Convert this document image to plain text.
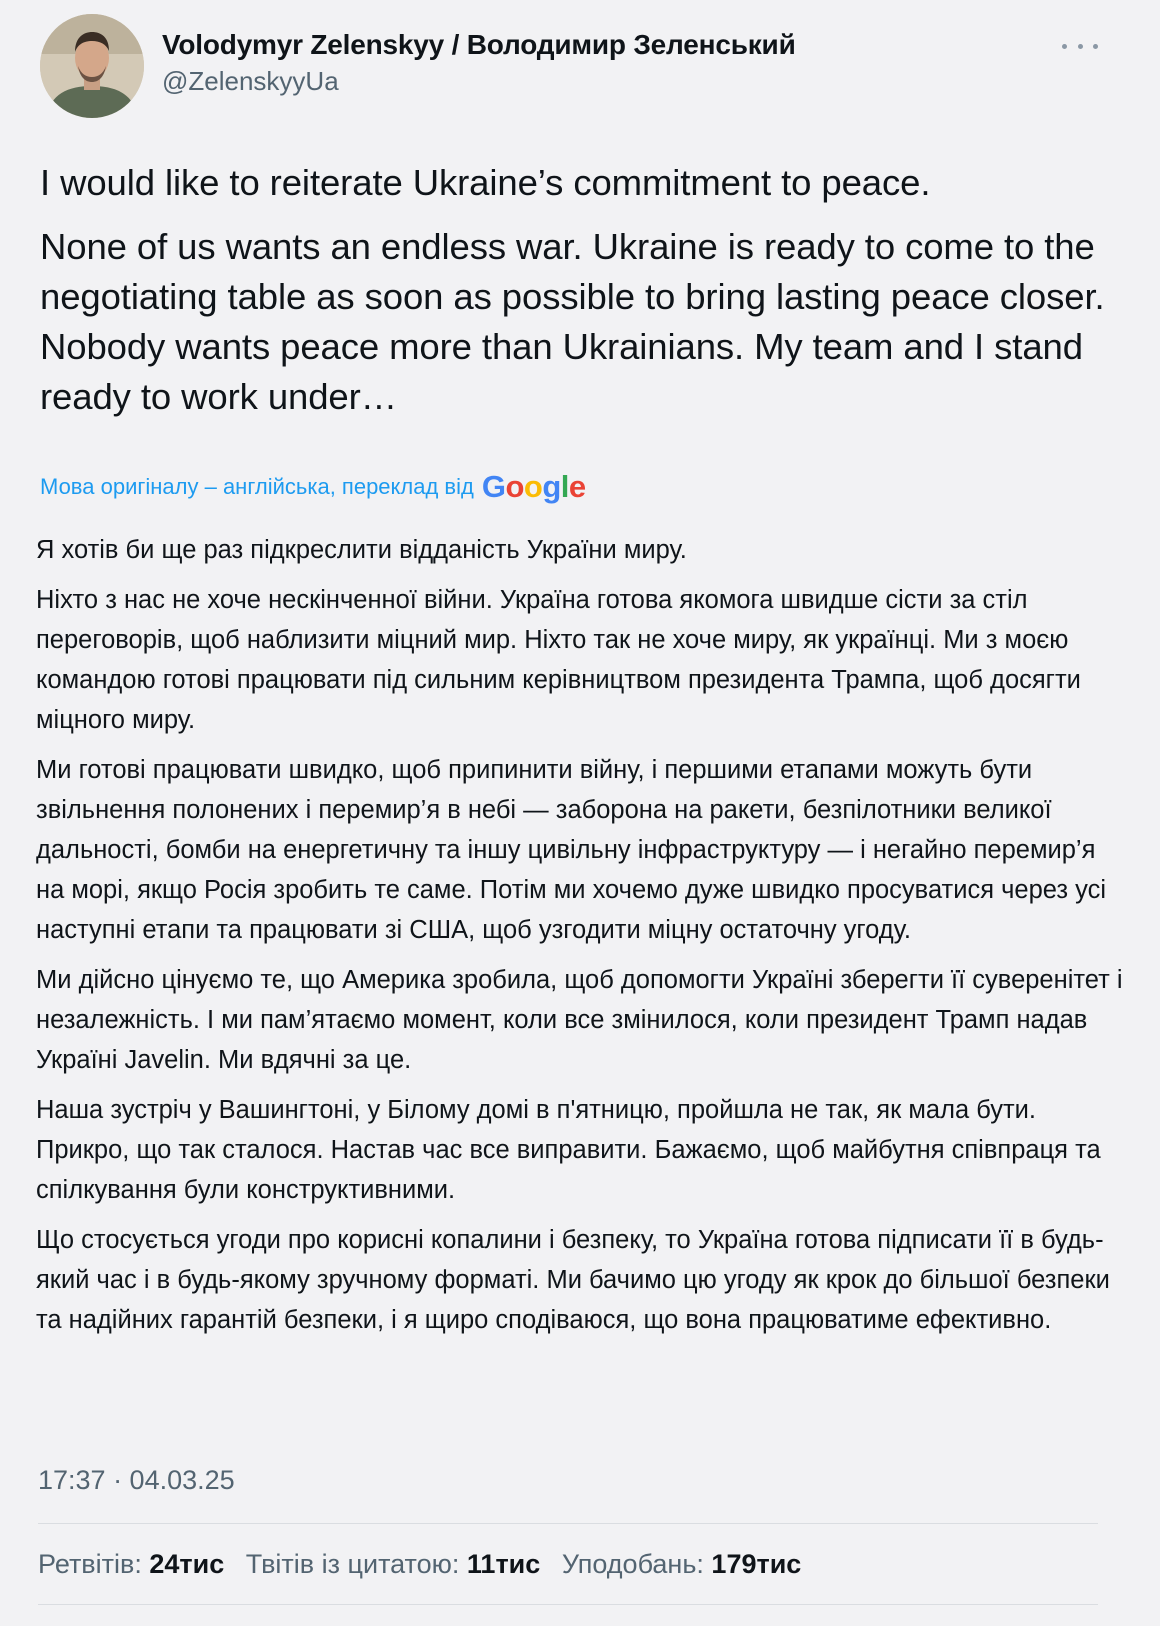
Volodymyr Zelenskyy / Володимир Зеленський
@ZelenskyyUa

I would like to reiterate Ukraine’s commitment to peace.

None of us wants an endless war. Ukraine is ready to come to the negotiating table as soon as possible to bring lasting peace closer. Nobody wants peace more than Ukrainians. My team and I stand ready to work under…

Мова оригіналу – англійська, переклад від Google

Я хотів би ще раз підкреслити відданість України миру.

Ніхто з нас не хоче нескінченної війни. Україна готова якомога швидше сісти за стіл переговорів, щоб наблизити міцний мир. Ніхто так не хоче миру, як українці. Ми з моєю командою готові працювати під сильним керівництвом президента Трампа, щоб досягти міцного миру.

Ми готові працювати швидко, щоб припинити війну, і першими етапами можуть бути звільнення полонених і перемир’я в небі — заборона на ракети, безпілотники великої дальності, бомби на енергетичну та іншу цивільну інфраструктуру — і негайно перемир’я на морі, якщо Росія зробить те саме. Потім ми хочемо дуже швидко просуватися через усі наступні етапи та працювати зі США, щоб узгодити міцну остаточну угоду.

Ми дійсно цінуємо те, що Америка зробила, щоб допомогти Україні зберегти її суверенітет і незалежність. І ми пам’ятаємо момент, коли все змінилося, коли президент Трамп надав Україні Javelin. Ми вдячні за це.

Наша зустріч у Вашингтоні, у Білому домі в п'ятницю, пройшла не так, як мала бути. Прикро, що так сталося. Настав час все виправити. Бажаємо, щоб майбутня співпраця та спілкування були конструктивними.

Що стосується угоди про корисні копалини і безпеку, то Україна готова підписати її в будь-який час і в будь-якому зручному форматі. Ми бачимо цю угоду як крок до більшої безпеки та надійних гарантій безпеки, і я щиро сподіваюся, що вона працюватиме ефективно.

17:37 · 04.03.25
Ретвітів: 24тис Твітів із цитатою: 11тис Уподобань: 179тис
